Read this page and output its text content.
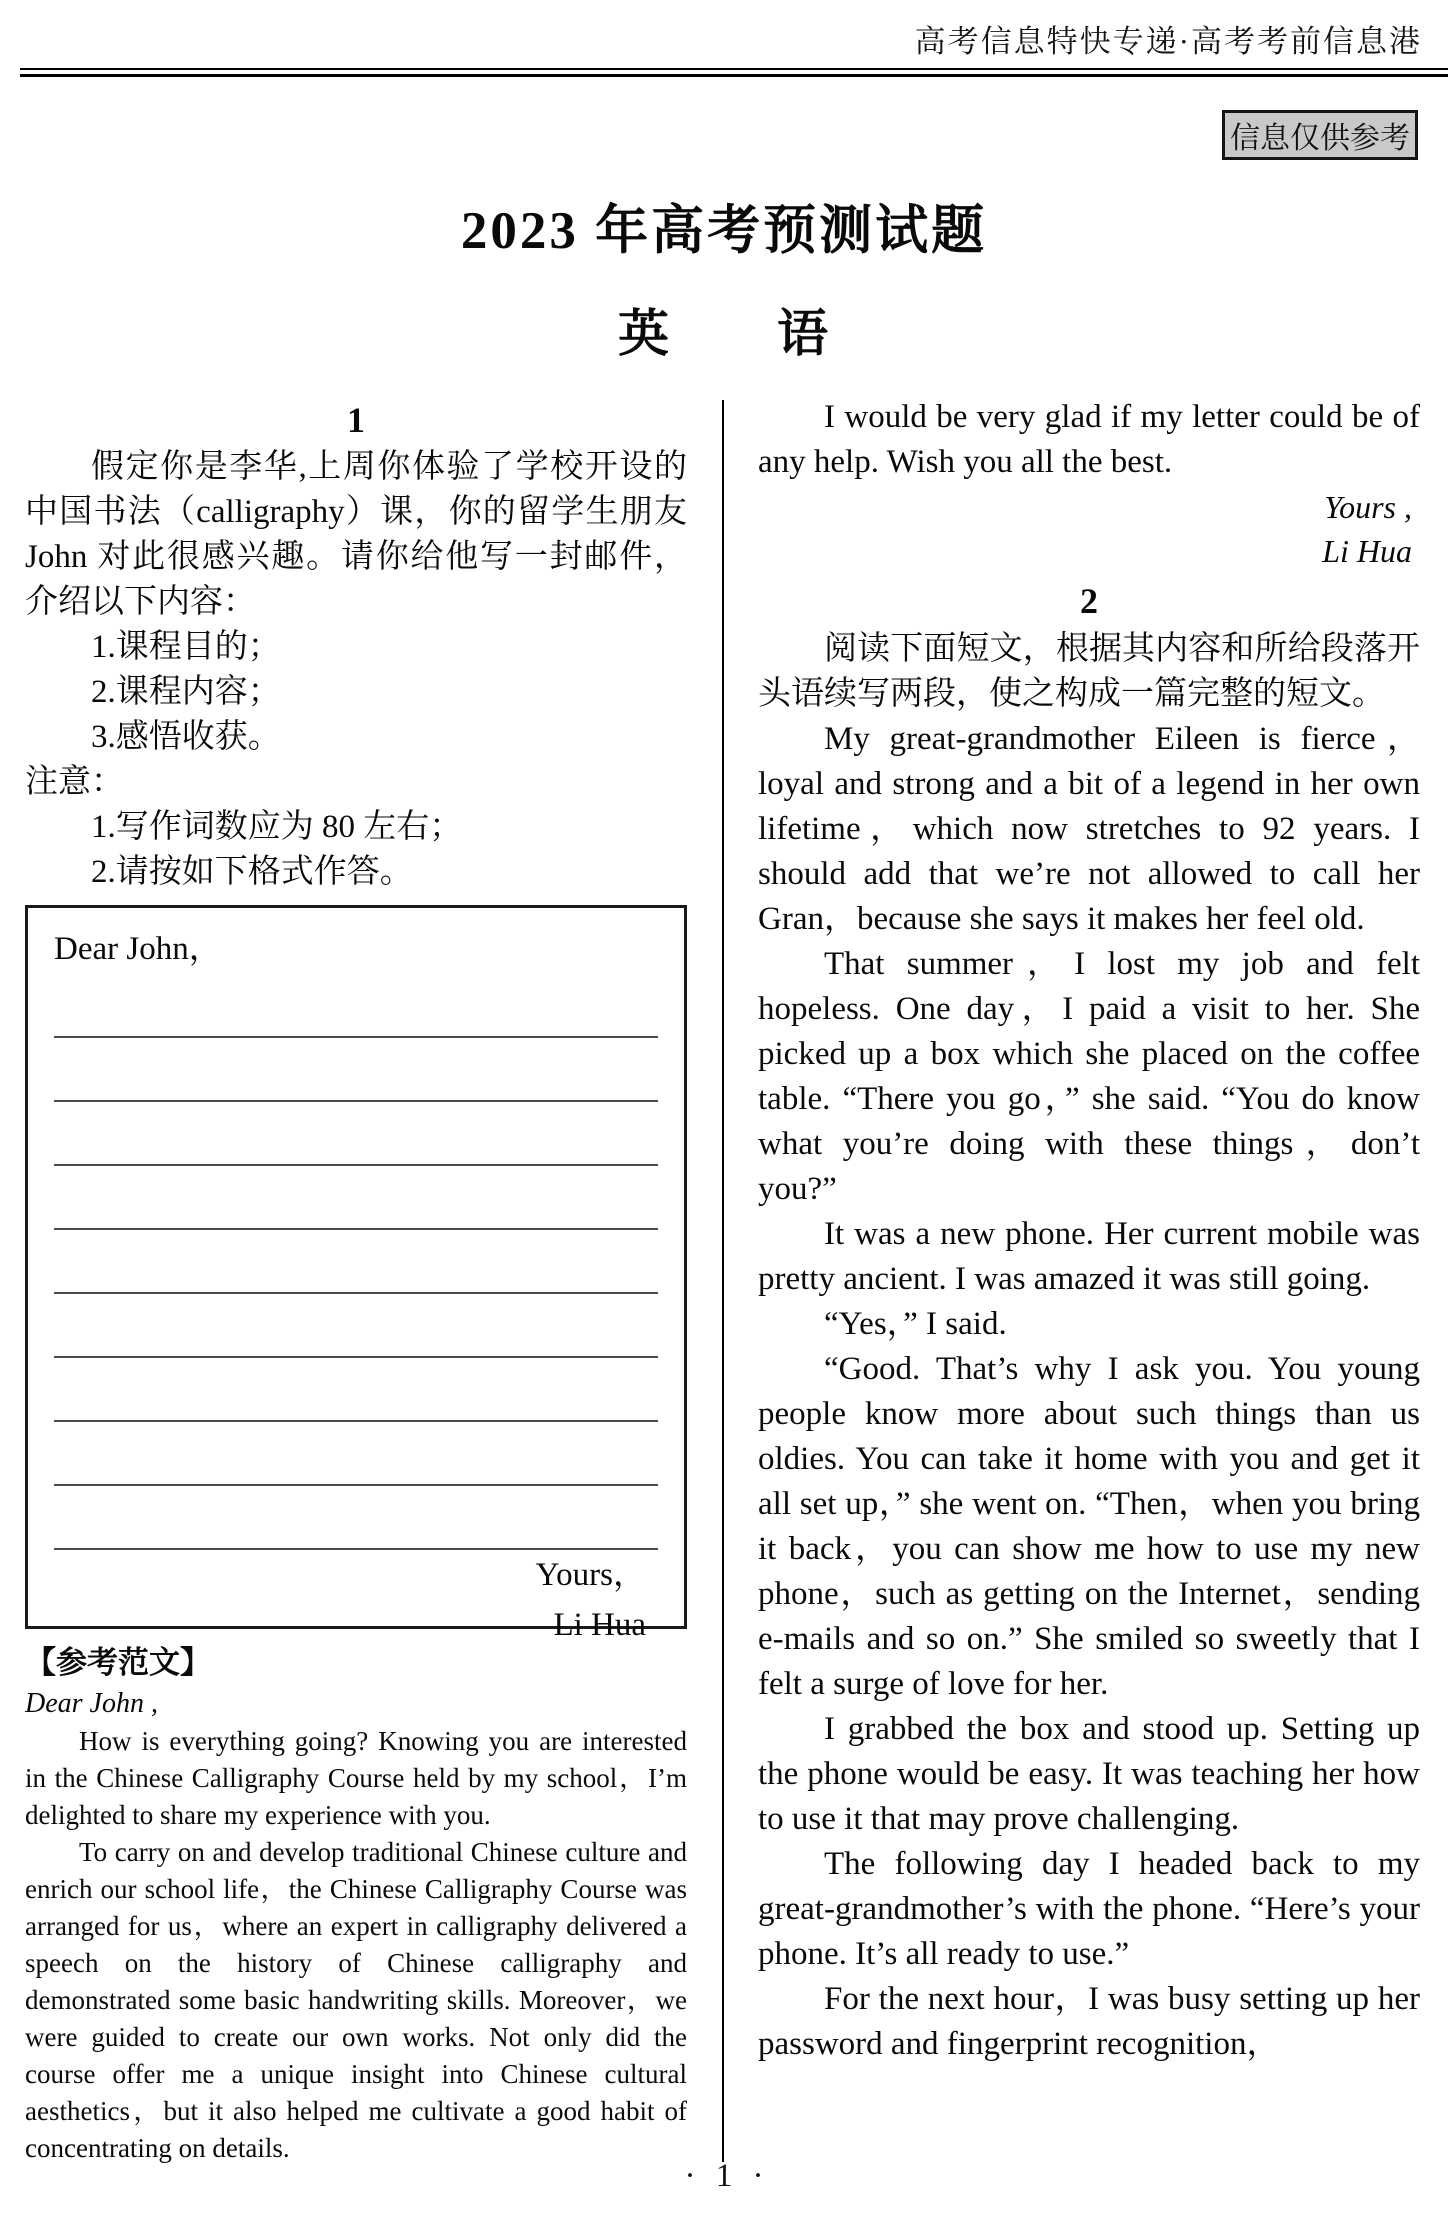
高考信息特快专递·高考考前信息港
信息仅供参考
2023 年高考预测试题
英　　语
1

假定你是李华,上周你体验了学校开设的中国书法（calligraphy）课，你的留学生朋友 John 对此很感兴趣。请你给他写一封邮件，介绍以下内容：

1.课程目的；
2.课程内容；
3.感悟收获。
注意：
1.写作词数应为 80 左右；
2.请按如下格式作答。
Dear John，
Yours，
Li Hua
【参考范文】
Dear John ,

How is everything going? Knowing you are interested in the Chinese Calligraphy Course held by my school，I’m delighted to share my experience with you.

To carry on and develop traditional Chinese culture and enrich our school life，the Chinese Calligraphy Course was arranged for us，where an expert in calligraphy delivered a speech on the history of Chinese calligraphy and demonstrated some basic handwriting skills. Moreover，we were guided to create our own works. Not only did the course offer me a unique insight into Chinese cultural aesthetics，but it also helped me cultivate a good habit of concentrating on details.

I would be very glad if my letter could be of any help. Wish you all the best.

Yours ,
Li Hua
2

阅读下面短文，根据其内容和所给段落开头语续写两段，使之构成一篇完整的短文。

My great-grandmother Eileen is fierce，loyal and strong and a bit of a legend in her own lifetime，which now stretches to 92 years. I should add that we’re not allowed to call her Gran，because she says it makes her feel old.

That summer，I lost my job and felt hopeless. One day，I paid a visit to her. She picked up a box which she placed on the coffee table. “There you go，” she said. “You do know what you’re doing with these things，don’t you?”

It was a new phone. Her current mobile was pretty ancient. I was amazed it was still going.

“Yes，” I said.

“Good. That’s why I ask you. You young people know more about such things than us oldies. You can take it home with you and get it all set up，” she went on. “Then，when you bring it back，you can show me how to use my new phone，such as getting on the Internet，sending e-mails and so on.” She smiled so sweetly that I felt a surge of love for her.

I grabbed the box and stood up. Setting up the phone would be easy. It was teaching her how to use it that may prove challenging.

The following day I headed back to my great-grandmother’s with the phone. “Here’s your phone. It’s all ready to use.”

For the next hour，I was busy setting up her password and fingerprint recognition，

· 1 ·
